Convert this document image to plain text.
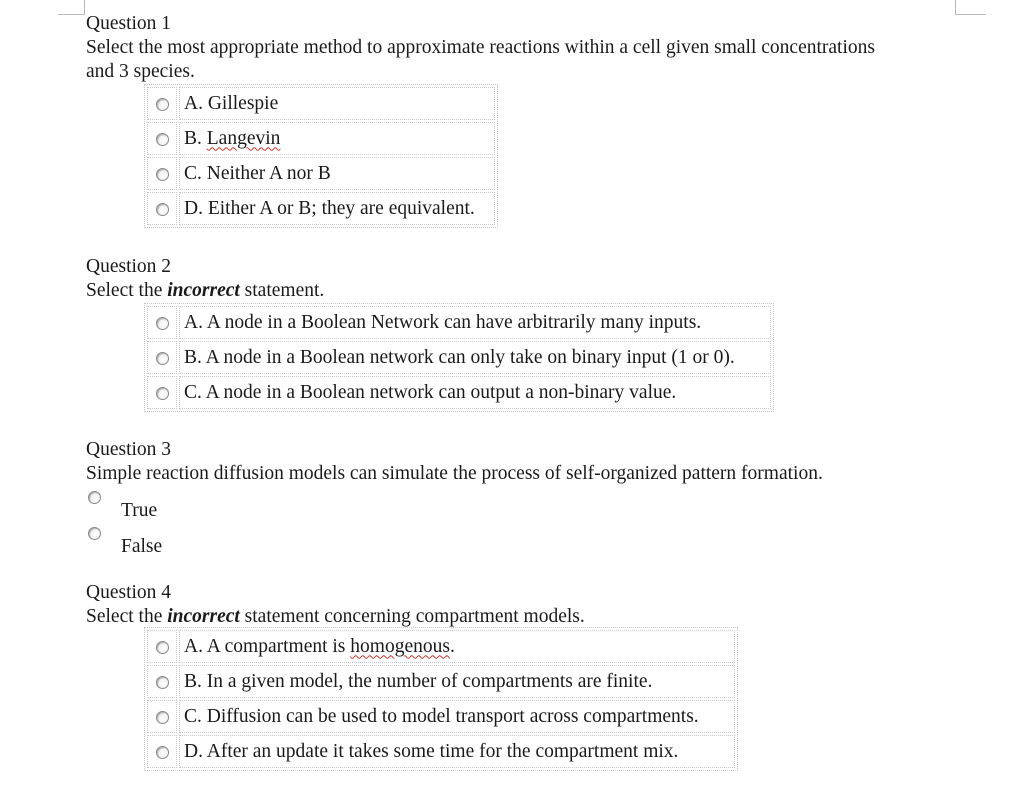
Question 1
Select the most appropriate method to approximate reactions within a cell given small concentrations
and 3 species.
	A. Gillespie
	B. Langevin
	C. Neither A nor B
	D. Either A or B; they are equivalent.
Question 2
Select the incorrect statement.
	A. A node in a Boolean Network can have arbitrarily many inputs.
	B. A node in a Boolean network can only take on binary input (1 or 0).
	C. A node in a Boolean network can output a non-binary value.
Question 3
Simple reaction diffusion models can simulate the process of self-organized pattern formation.
True
False
Question 4
Select the incorrect statement concerning compartment models.
	A. A compartment is homogenous.
	B. In a given model, the number of compartments are finite.
	C. Diffusion can be used to model transport across compartments.
	D. After an update it takes some time for the compartment mix.
